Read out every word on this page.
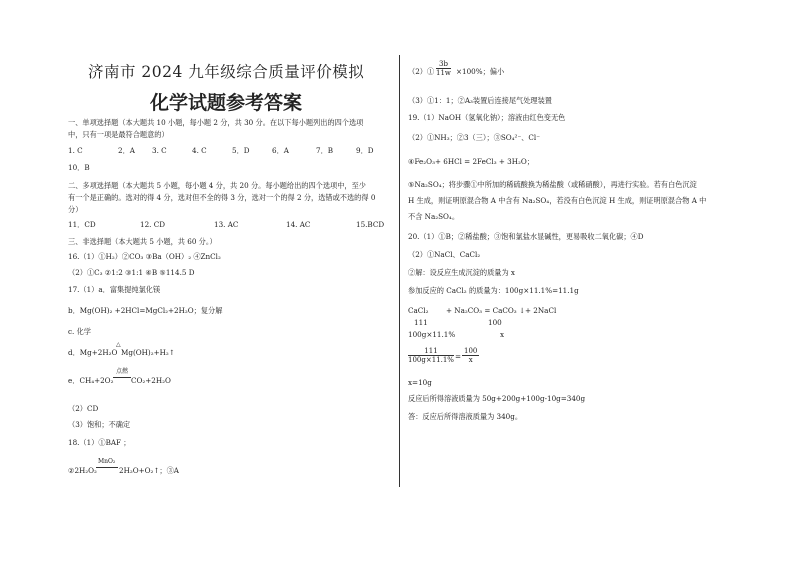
济南市 2024 九年级综合质量评价模拟
化学试题参考答案
一、单项选择题（本大题共 10 小题，每小题 2 分，共 30 分。在以下每小题列出的四个选项
中，只有一项是最符合题意的）
1. C	2．A 3. C	4. C	5．D	6．A	7．B	9．D
10．B
二、多项选择题（本大题共 5 小题，每小题 4 分，共 20 分。每小题给出的四个选项中，至少
有一个是正确的。选对的得 4 分，选对但不全的得 3 分，选对一个的得 2 分，选错或不选的得 0
分）
11．CD	12. CD	13. AC	14. AC	15.BCD
三、非选择题（本大题共 5 小题，共 60 分。）
16.（1）①H₂）②CO₃ ③Ba（OH）₂ ④ZnCl₂
（2）①C₃ ②1:2 ③1:1 ④B ⑤114.5 D
17.（1）a．富集提纯氯化镁
b．Mg(OH)₂ +2HCl=MgCl₂+2H₂O；复分解
c. 化学
d．Mg+2H₂O
△
Mg(OH)₂+H₂↑
e．CH₄+2O₂
点燃
CO₂+2H₂O
（2）CD
（3）饱和；不确定
18.（1）①BAF ；
②2H₂O₂
MnO₂
2H₂O+O₂↑；③A
（2）① $\frac{3b}{11w} \times 100\%$；偏小
（3）①1：1；②A₃装置后连接尾气处理装置
19.（1）NaOH（氢氧化钠）；溶液由红色变无色
（2）①NH₃；②3（三）；③SO₄²⁻、Cl⁻
④Fe₂O₃+ 6HCl = 2FeCl₃ + 3H₂O；
⑤Na₂SO₄；将步骤①中所加的稀硫酸换为稀盐酸（或稀硝酸），再进行实验。若有白色沉淀
H 生成，则证明原混合物 A 中含有 Na₂SO₄，若没有白色沉淀 H 生成，则证明原混合物 A 中
不含 Na₂SO₄。
20.（1）①B；②稀盐酸；③饱和氯盐水显碱性，更易吸收二氧化碳；④D
（2）①NaCl、CaCl₂
②解：设反应生成沉淀的质量为 x
参加反应的 CaCl₂ 的质量为：100g×11.1%=11.1g
CaCl₂ + Na₂CO₃ = CaCO₃ ↓+ 2NaCl
111	100
100g×11.1%	x
$\frac{111}{100g\times 11.1\%} = \frac{100}{x}$
x=10g
反应后所得溶液质量为 50g+200g+100g-10g=340g
答：反应后所得溶液质量为 340g。
